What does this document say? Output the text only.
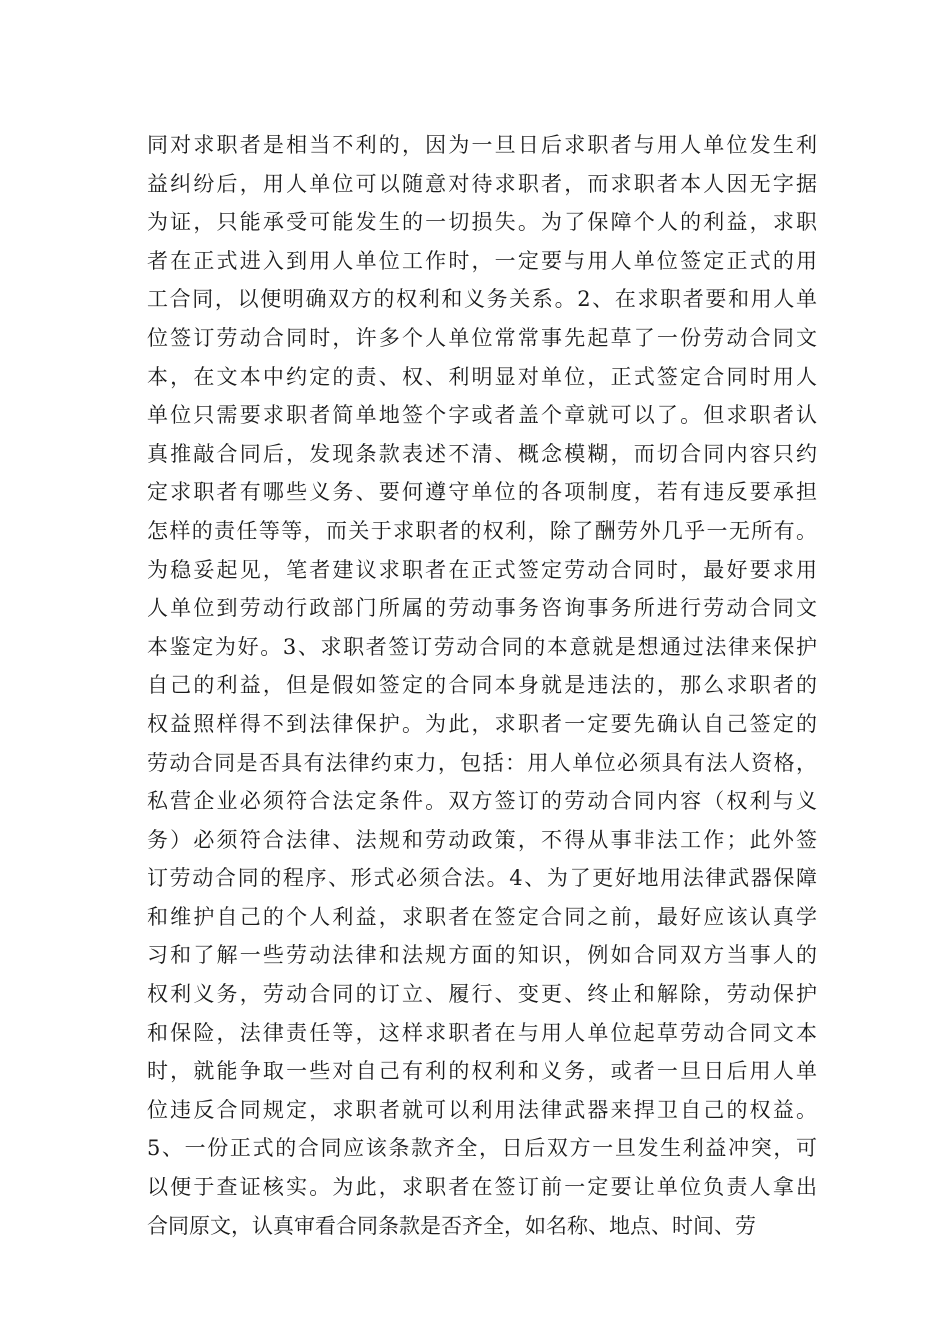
同对求职者是相当不利的，因为一旦日后求职者与用人单位发生利
益纠纷后，用人单位可以随意对待求职者，而求职者本人因无字据
为证，只能承受可能发生的一切损失。为了保障个人的利益，求职
者在正式进入到用人单位工作时，一定要与用人单位签定正式的用
工合同，以便明确双方的权利和义务关系。2、在求职者要和用人单
位签订劳动合同时，许多个人单位常常事先起草了一份劳动合同文
本，在文本中约定的责、权、利明显对单位，正式签定合同时用人
单位只需要求职者简单地签个字或者盖个章就可以了。但求职者认
真推敲合同后，发现条款表述不清、概念模糊，而切合同内容只约
定求职者有哪些义务、要何遵守单位的各项制度，若有违反要承担
怎样的责任等等，而关于求职者的权利，除了酬劳外几乎一无所有。
为稳妥起见，笔者建议求职者在正式签定劳动合同时，最好要求用
人单位到劳动行政部门所属的劳动事务咨询事务所进行劳动合同文
本鉴定为好。3、求职者签订劳动合同的本意就是想通过法律来保护
自己的利益，但是假如签定的合同本身就是违法的，那么求职者的
权益照样得不到法律保护。为此，求职者一定要先确认自己签定的
劳动合同是否具有法律约束力，包括：用人单位必须具有法人资格，
私营企业必须符合法定条件。双方签订的劳动合同内容（权利与义
务）必须符合法律、法规和劳动政策，不得从事非法工作；此外签
订劳动合同的程序、形式必须合法。4、为了更好地用法律武器保障
和维护自己的个人利益，求职者在签定合同之前，最好应该认真学
习和了解一些劳动法律和法规方面的知识，例如合同双方当事人的
权利义务，劳动合同的订立、履行、变更、终止和解除，劳动保护
和保险，法律责任等，这样求职者在与用人单位起草劳动合同文本
时，就能争取一些对自己有利的权利和义务，或者一旦日后用人单
位违反合同规定，求职者就可以利用法律武器来捍卫自己的权益。
5、一份正式的合同应该条款齐全，日后双方一旦发生利益冲突，可
以便于查证核实。为此，求职者在签订前一定要让单位负责人拿出
合同原文，认真审看合同条款是否齐全，如名称、地点、时间、劳
